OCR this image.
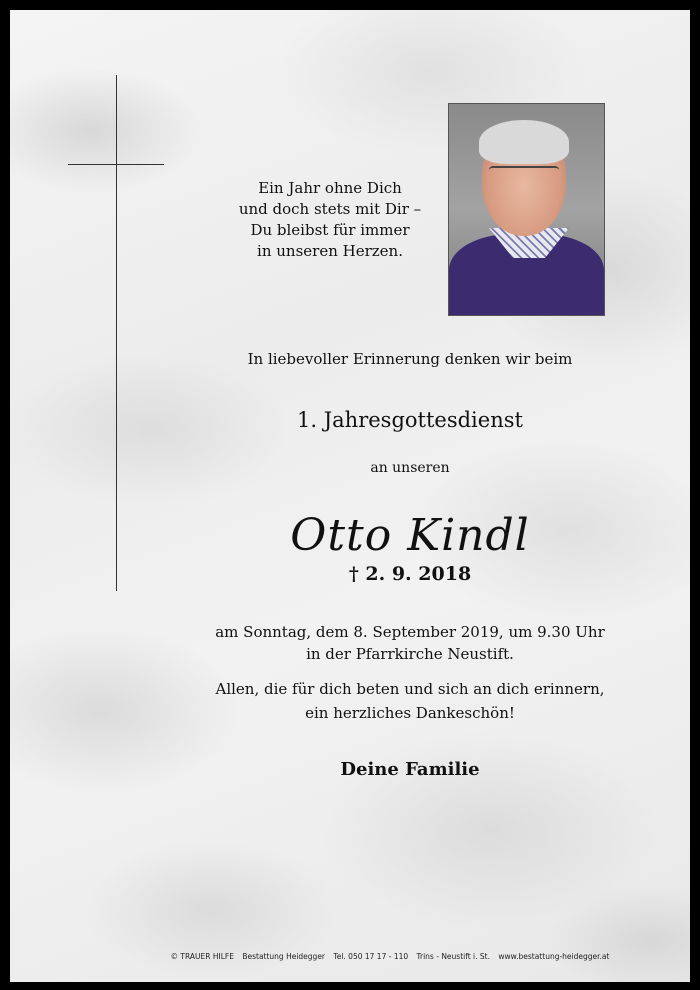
Ein Jahr ohne Dich
und doch stets mit Dir –
Du bleibst für immer
in unseren Herzen.
In liebevoller Erinnerung denken wir beim
1. Jahresgottesdienst
an unseren
Otto Kindl
† 2. 9. 2018
am Sonntag, dem 8. September 2019, um 9.30 Uhr
in der Pfarrkirche Neustift.
Allen, die für dich beten und sich an dich erinnern,
ein herzliches Dankeschön!
Deine Familie
© TRAUER HILFE Bestattung Heidegger Tel. 050 17 17 - 110 Trins - Neustift i. St. www.bestattung-heidegger.at
